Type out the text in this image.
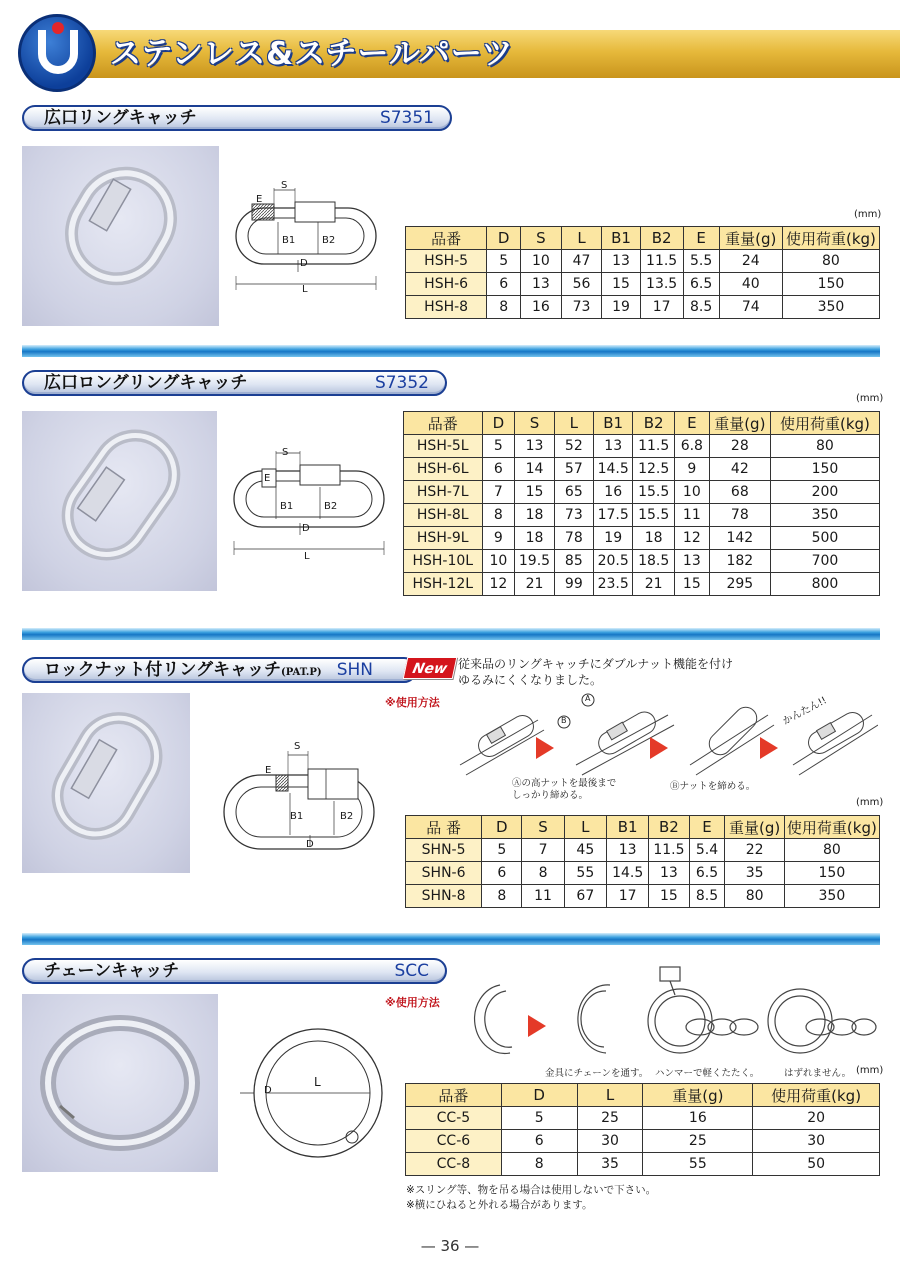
ステンレス&スチールパーツ
広口リングキャッチ	S7351
S
E
B1	B2
D
L
(mm)
品番	D	S	L	B1	B2	E	重量(g)	使用荷重(kg)
HSH-5	5	10	47	13	11.5	5.5	24	80
HSH-6	6	13	56	15	13.5	6.5	40	150
HSH-8	8	16	73	19	17	8.5	74	350
広口ロングリングキャッチ	S7352
S
E
B1	B2
D
L
(mm)
品番	D	S	L	B1	B2	E	重量(g)	使用荷重(kg)
HSH-5L	5	13	52	13	11.5	6.8	28	80
HSH-6L	6	14	57	14.5	12.5	9	42	150
HSH-7L	7	15	65	16	15.5	10	68	200
HSH-8L	8	18	73	17.5	15.5	11	78	350
HSH-9L	9	18	78	19	18	12	142	500
HSH-10L	10	19.5	85	20.5	18.5	13	182	700
HSH-12L	12	21	99	23.5	21	15	295	800
ロックナット付リングキャッチ(PAT.P) SHN	New 従来品のリングキャッチにダブルナット機能を付け
ゆるみにくくなりました。
※使用方法	A
B	かんたん!!
Ⓐの高ナットを最後まで
しっかり締める。
Ⓑナットを締める。
S
E
B1	B2
D
(mm)
品 番	D	S	L	B1	B2	E	重量(g)	使用荷重(kg)
SHN-5	5	7	45	13	11.5	5.4	22	80
SHN-6	6	8	55	14.5	13	6.5	35	150
SHN-8	8	11	67	17	15	8.5	80	350
チェーンキャッチ	SCC
※使用方法
L
D
金具にチェーンを通す。 ハンマーで軽くたたく。	はずれません。 (mm)
品番	D	L	重量(g)	使用荷重(kg)
CC-5	5	25	16	20
CC-6	6	30	25	30
CC-8	8	35	55	50
※スリング等、物を吊る場合は使用しないで下さい。
※横にひねると外れる場合があります。
— 36 —
